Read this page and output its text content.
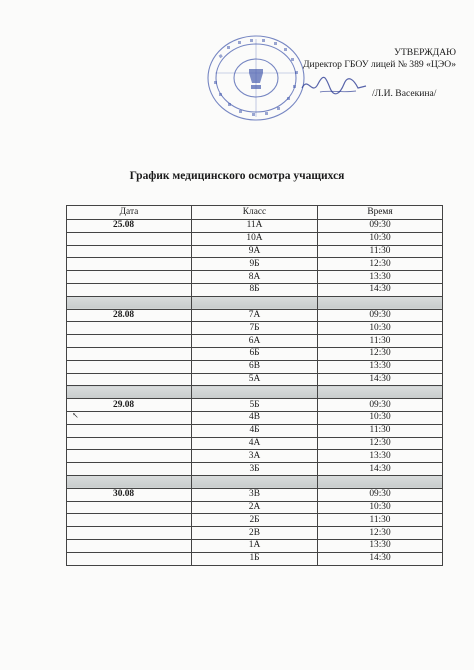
УТВЕРЖДАЮ
Директор ГБОУ лицей № 389 «ЦЭО»
/Л.И. Васекина/
График медицинского осмотра учащихся
Дата	Класс	Время
25.08	11А	09:30
	10А	10:30
	9А	11:30
	9Б	12:30
	8А	13:30
	8Б	14:30

28.08	7А	09:30
	7Б	10:30
	6А	11:30
	6Б	12:30
	6В	13:30
	5А	14:30

29.08	5Б	09:30
	4В	10:30
	4Б	11:30
	4А	12:30
	3А	13:30
	3Б	14:30

30.08	3В	09:30
	2А	10:30
	2Б	11:30
	2В	12:30
	1А	13:30
	1Б	14:30
↖
